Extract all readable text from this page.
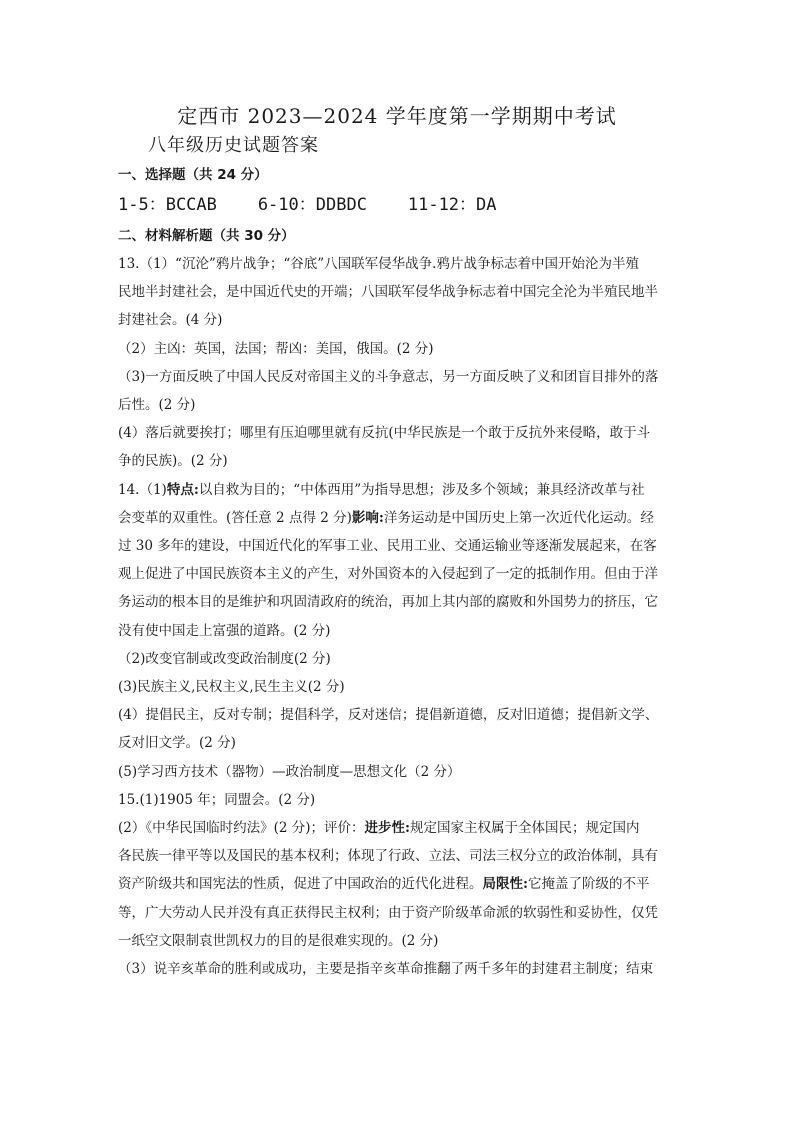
定西市 2023—2024 学年度第一学期期中考试
八年级历史试题答案
一、选择题（共 24 分）
1-5：BCCAB    6-10：DDBDC    11-12：DA
二、材料解析题（共 30 分）

13.（1）“沉沦”鸦片战争；“谷底”八国联军侵华战争.鸦片战争标志着中国开始沦为半殖

民地半封建社会，是中国近代史的开端；八国联军侵华战争标志着中国完全沦为半殖民地半

封建社会。(4 分)

（2）主凶：英国，法国；帮凶：美国，俄国。(2 分)

（3)一方面反映了中国人民反对帝国主义的斗争意志，另一方面反映了义和团盲目排外的落

后性。(2 分)

(4）落后就要挨打；哪里有压迫哪里就有反抗(中华民族是一个敢于反抗外来侵略，敢于斗

争的民族)。(2 分)

14.（1)特点:以自救为目的；“中体西用”为指导思想；涉及多个领域；兼具经济改革与社

会变革的双重性。(答任意 2 点得 2 分)影响:洋务运动是中国历史上第一次近代化运动。经

过 30 多年的建设，中国近代化的军事工业、民用工业、交通运输业等逐渐发展起来，在客

观上促进了中国民族资本主义的产生，对外国资本的入侵起到了一定的抵制作用。但由于洋

务运动的根本目的是维护和巩固清政府的统治，再加上其内部的腐败和外国势力的挤压，它

没有使中国走上富强的道路。(2 分)

（2)改变官制或改变政治制度(2 分)

(3)民族主义,民权主义,民生主义(2 分)

(4）提倡民主，反对专制；提倡科学，反对迷信；提倡新道德，反对旧道德；提倡新文学、

反对旧文学。(2 分)

(5)学习西方技术（器物）—政治制度—思想文化（2 分）

15.(1)1905 年；同盟会。(2 分)

(2）《中华民国临时约法》(2 分)；评价：进步性:规定国家主权属于全体国民；规定国内

各民族一律平等以及国民的基本权利；体现了行政、立法、司法三权分立的政治体制，具有

资产阶级共和国宪法的性质，促进了中国政治的近代化进程。局限性:它掩盖了阶级的不平

等，广大劳动人民并没有真正获得民主权利；由于资产阶级革命派的软弱性和妥协性，仅凭

一纸空文限制袁世凯权力的目的是很难实现的。(2 分)

（3）说辛亥革命的胜利或成功，主要是指辛亥革命推翻了两千多年的封建君主制度；结束
